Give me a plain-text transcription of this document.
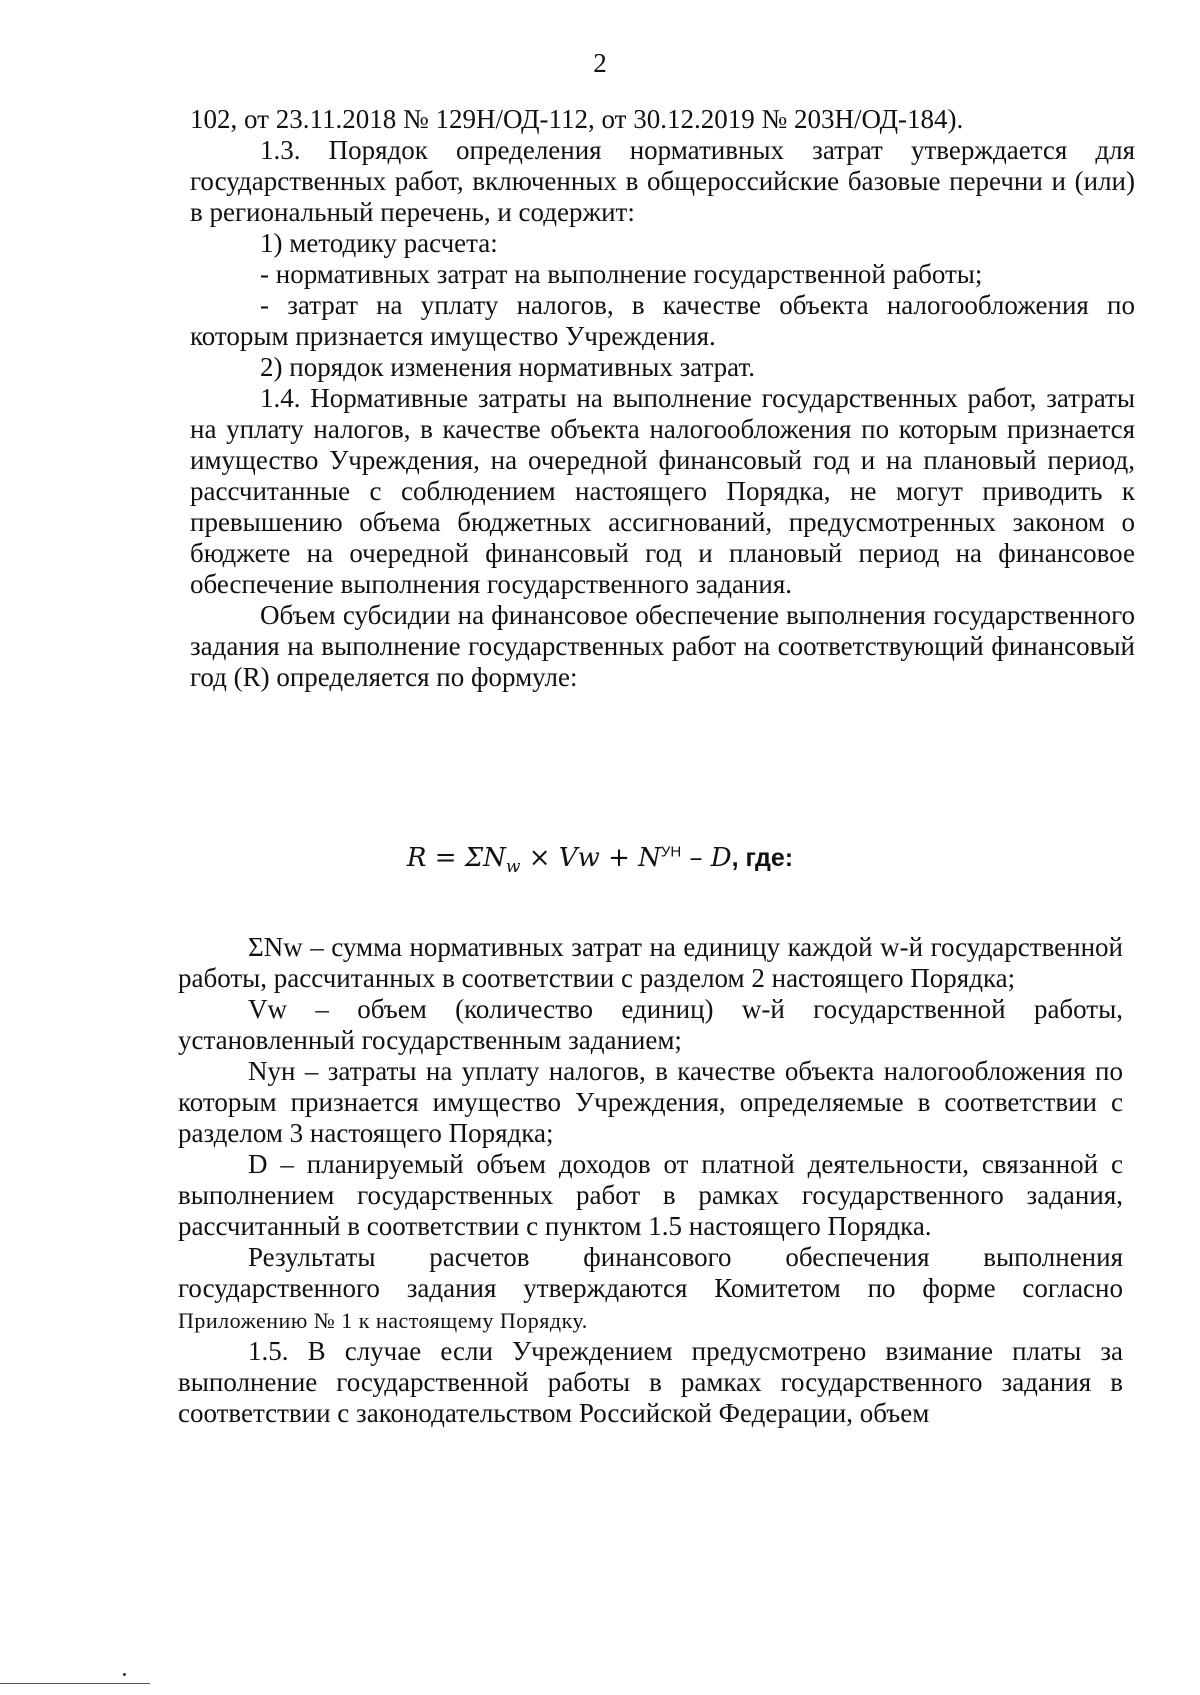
2

102, от 23.11.2018 № 129Н/ОД-112, от 30.12.2019 № 203Н/ОД-184).

1.3. Порядок определения нормативных затрат утверждается для государственных работ, включенных в общероссийские базовые перечни и (или) в региональный перечень, и содержит:

1) методику расчета:

- нормативных затрат на выполнение государственной работы;

- затрат на уплату налогов, в качестве объекта налогообложения по которым признается имущество Учреждения.

2) порядок изменения нормативных затрат.

1.4. Нормативные затраты на выполнение государственных работ, затраты на уплату налогов, в качестве объекта налогообложения по которым признается имущество Учреждения, на очередной финансовый год и на плановый период, рассчитанные с соблюдением настоящего Порядка, не могут приводить к превышению объема бюджетных ассигнований, предусмотренных законом о бюджете на очередной финансовый год и плановый период на финансовое обеспечение выполнения государственного задания.

Объем субсидии на финансовое обеспечение выполнения государственного задания на выполнение государственных работ на соответствующий финансовый год (R) определяется по формуле:

$R = \Sigma N_w \times Vw + N^{УН} - D$, где:

ΣNw – сумма нормативных затрат на единицу каждой w-й государственной работы, рассчитанных в соответствии с разделом 2 настоящего Порядка;

Vw – объем (количество единиц) w-й государственной работы, установленный государственным заданием;

Nун – затраты на уплату налогов, в качестве объекта налогообложения по которым признается имущество Учреждения, определяемые в соответствии с разделом 3 настоящего Порядка;

D – планируемый объем доходов от платной деятельности, связанной с выполнением государственных работ в рамках государственного задания, рассчитанный в соответствии с пунктом 1.5 настоящего Порядка.

Результаты расчетов финансового обеспечения выполнения государственного задания утверждаются Комитетом по форме согласно Приложению № 1 к настоящему Порядку.

1.5. В случае если Учреждением предусмотрено взимание платы за выполнение государственной работы в рамках государственного задания в соответствии с законодательством Российской Федерации, объем
